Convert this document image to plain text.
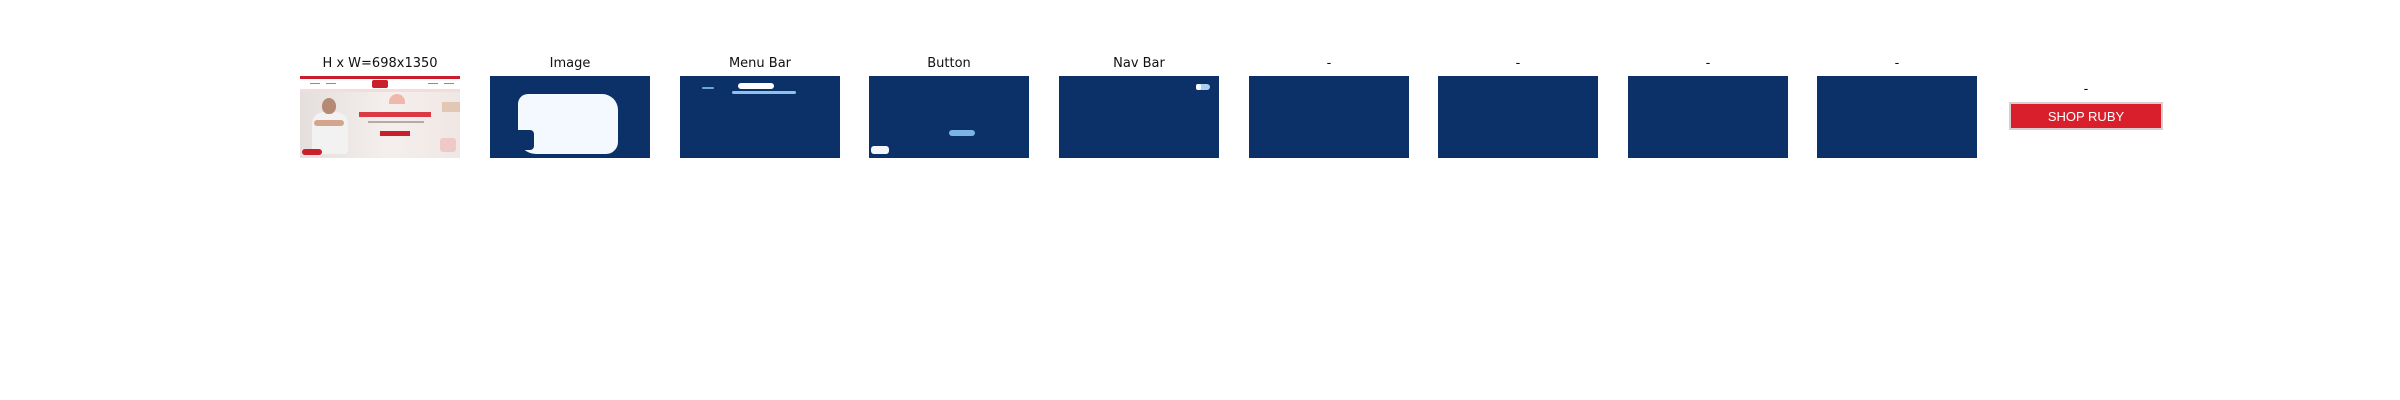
H x W=698x1350	Image	Menu Bar	Button	Nav Bar	-	-	-	-
-
SHOP RUBY
